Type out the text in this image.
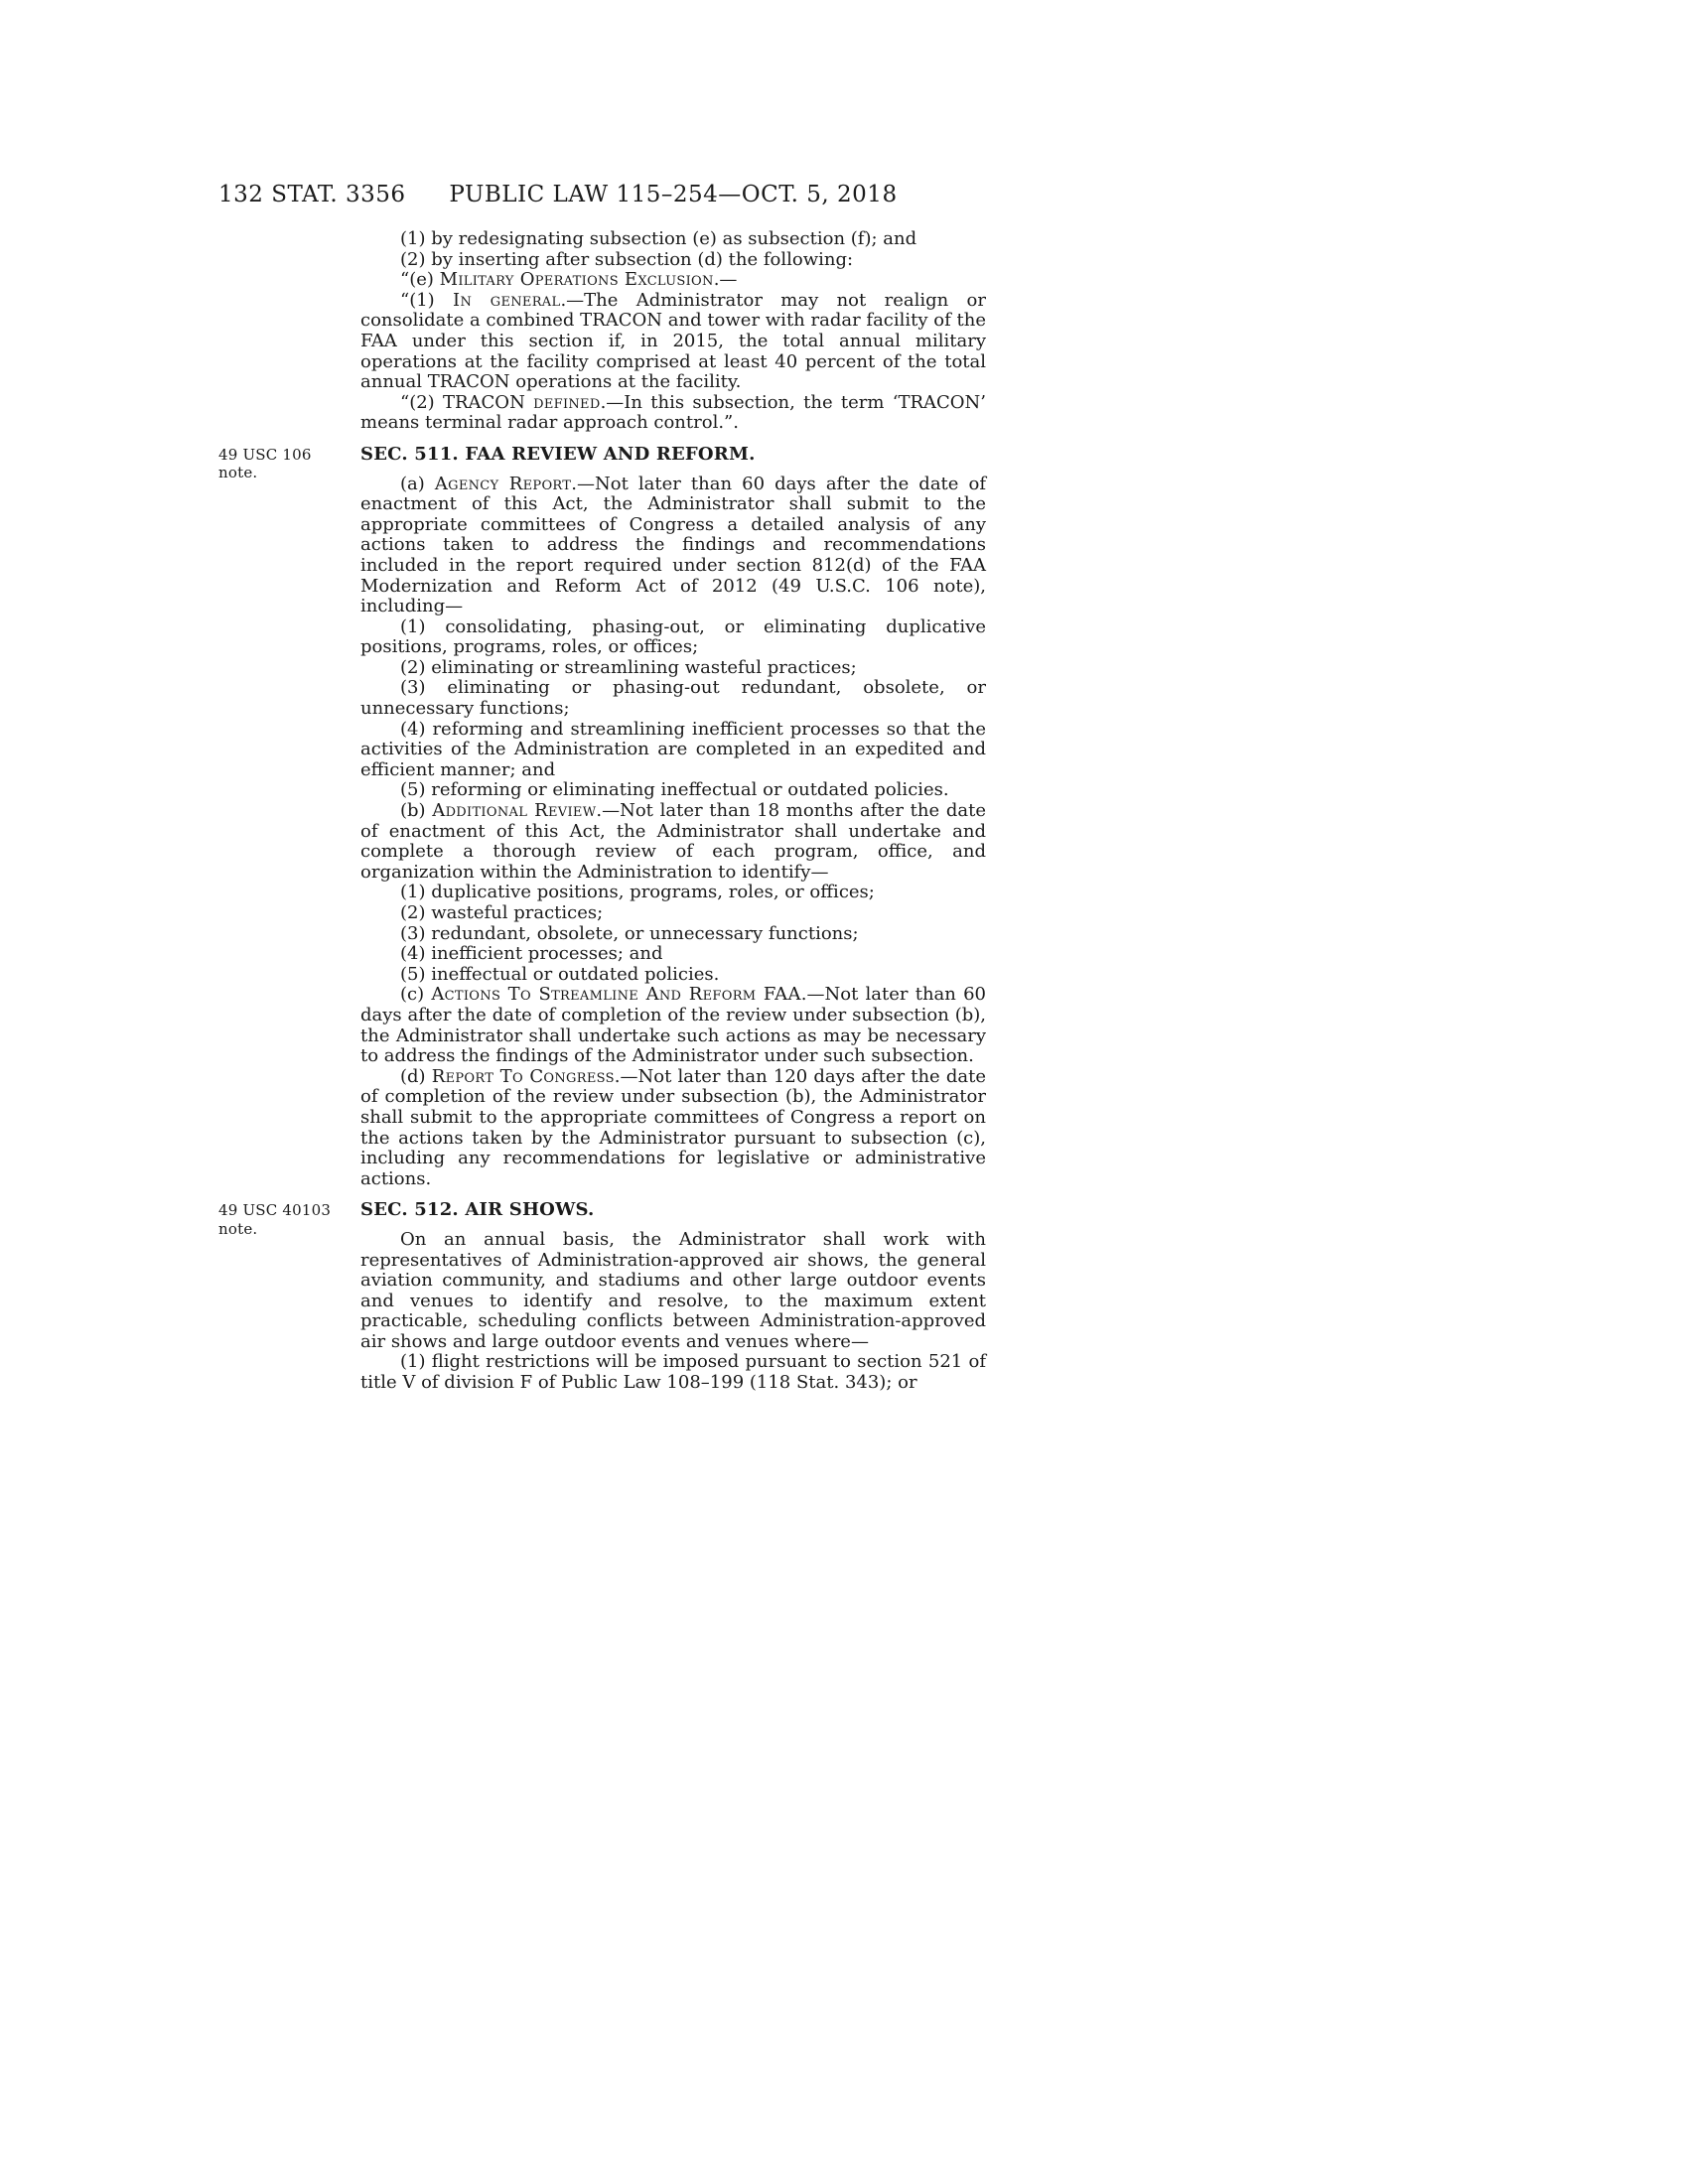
132 STAT. 3356	PUBLIC LAW 115–254—OCT. 5, 2018

(1) by redesignating subsection (e) as subsection (f); and

(2) by inserting after subsection (d) the following:

“(e) Military Operations Exclusion.—

“(1) In general.—The Administrator may not realign or consolidate a combined TRACON and tower with radar facility of the FAA under this section if, in 2015, the total annual military operations at the facility comprised at least 40 percent of the total annual TRACON operations at the facility.

“(2) TRACON defined.—In this subsection, the term ‘TRACON’ means terminal radar approach control.”.

49 USC 106 note.
SEC. 511. FAA REVIEW AND REFORM.

(a) Agency Report.—Not later than 60 days after the date of enactment of this Act, the Administrator shall submit to the appropriate committees of Congress a detailed analysis of any actions taken to address the findings and recommendations included in the report required under section 812(d) of the FAA Modernization and Reform Act of 2012 (49 U.S.C. 106 note), including—

(1) consolidating, phasing-out, or eliminating duplicative positions, programs, roles, or offices;

(2) eliminating or streamlining wasteful practices;

(3) eliminating or phasing-out redundant, obsolete, or unnecessary functions;

(4) reforming and streamlining inefficient processes so that the activities of the Administration are completed in an expedited and efficient manner; and

(5) reforming or eliminating ineffectual or outdated policies.

(b) Additional Review.—Not later than 18 months after the date of enactment of this Act, the Administrator shall undertake and complete a thorough review of each program, office, and organization within the Administration to identify—

(1) duplicative positions, programs, roles, or offices;

(2) wasteful practices;

(3) redundant, obsolete, or unnecessary functions;

(4) inefficient processes; and

(5) ineffectual or outdated policies.

(c) Actions To Streamline And Reform FAA.—Not later than 60 days after the date of completion of the review under subsection (b), the Administrator shall undertake such actions as may be necessary to address the findings of the Administrator under such subsection.

(d) Report To Congress.—Not later than 120 days after the date of completion of the review under subsection (b), the Administrator shall submit to the appropriate committees of Congress a report on the actions taken by the Administrator pursuant to subsection (c), including any recommendations for legislative or administrative actions.

49 USC 40103 note.
SEC. 512. AIR SHOWS.

On an annual basis, the Administrator shall work with representatives of Administration-approved air shows, the general aviation community, and stadiums and other large outdoor events and venues to identify and resolve, to the maximum extent practicable, scheduling conflicts between Administration-approved air shows and large outdoor events and venues where—

(1) flight restrictions will be imposed pursuant to section 521 of title V of division F of Public Law 108–199 (118 Stat. 343); or
